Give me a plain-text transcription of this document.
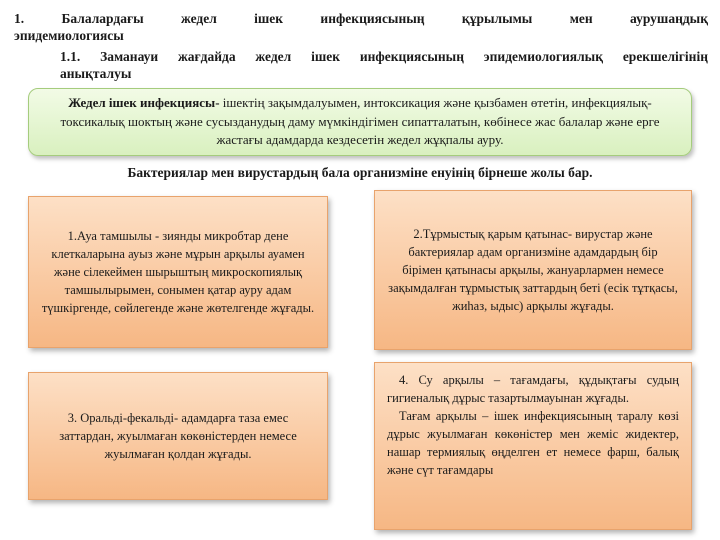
1. Балалардағы жедел ішек инфекциясының құрылымы мен аурушаңдық
эпидемиологиясы
1.1. Заманауи жағдайда жедел ішек инфекциясының эпидемиологиялық ерекшелігінің
анықталуы
Жедел ішек инфекциясы- ішектің зақымдалуымен, интоксикация және қызбамен өтетін, инфекциялық- токсикалық шоктың және сусызданудың даму мүмкіндігімен сипатталатын, көбінесе жас балалар және ерге жастағы адамдарда кездесетін жедел жұқпалы ауру.
Бактериялар мен вирустардың бала организміне енуінің бірнеше жолы бар.
1.Ауа тамшылы - зиянды микробтар дене клеткаларына ауыз және мұрын арқылы ауамен және сілекеймен шырыштың микроскопиялық тамшылырымен, сонымен қатар ауру адам түшкіргенде, сөйлегенде және жөтелгенде жұғады.
2.Тұрмыстық қарым қатынас- вирустар және бактериялар адам организміне адамдардың бір бірімен қатынасы арқылы, жануарлармен немесе зақымдалған тұрмыстық заттардың беті (есік тұтқасы, жиһаз, ыдыс) арқылы жұғады.
3. Оральді-фекальді- адамдарға таза емес заттардан, жуылмаған көкөністерден немесе жуылмаған қолдан жұғады.

4. Су арқылы – тағамдағы, құдықтағы судың гигиеналық дұрыс тазартылмауынан жұғады.

Тағам арқылы – ішек инфекциясының таралу көзі дұрыс жуылмаған көкөністер мен жеміс жидектер, нашар термиялық өңделген ет немесе фарш, балық және сүт тағамдары
